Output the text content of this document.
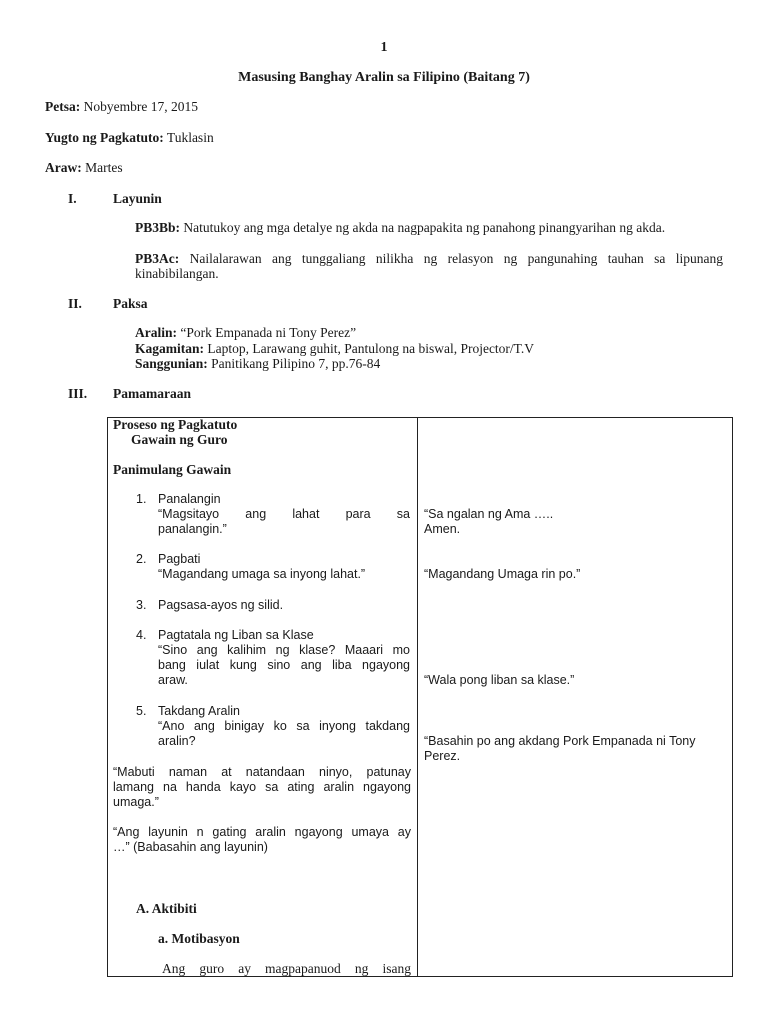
1
Masusing Banghay Aralin sa Filipino (Baitang 7)
Petsa: Nobyembre 17, 2015
Yugto ng Pagkatuto: Tuklasin
Araw: Martes
I.	Layunin
PB3Bb: Natutukoy ang mga detalye ng akda na nagpapakita ng panahong pinangyarihan ng akda.
PB3Ac: Nailalarawan ang tunggaliang nilikha ng relasyon ng pangunahing tauhan sa lipunang kinabibilangan.
II. Paksa
Aralin: “Pork Empanada ni Tony Perez”
Kagamitan: Laptop, Larawang guhit, Pantulong na biswal, Projector/T.V
Sanggunian: Panitikang Pilipino 7, pp.76-84
III. Pamamaraan
Proseso ng Pagkatuto
Gawain ng Guro
Panimulang Gawain
1. Panalangin
“Magsitayo ang lahat para sa
panalangin.”
2. Pagbati
“Magandang umaga sa inyong lahat.”
3. Pagsasa-ayos ng silid.
4. Pagtatala ng Liban sa Klase
“Sino ang kalihim ng klase? Maaari mo
bang iulat kung sino ang liba ngayong
araw.
5. Takdang Aralin
“Ano ang binigay ko sa inyong takdang
aralin?
“Mabuti naman at natandaan ninyo, patunay
lamang na handa kayo sa ating aralin ngayong
umaga.”
“Ang layunin n gating aralin ngayong umaya ay
…” (Babasahin ang layunin)
A. Aktibiti
a. Motibasyon
Ang guro ay magpapanuod ng isang
“Sa ngalan ng Ama …..
Amen.
“Magandang Umaga rin po.”
“Wala pong liban sa klase.”
“Basahin po ang akdang Pork Empanada ni Tony
Perez.
